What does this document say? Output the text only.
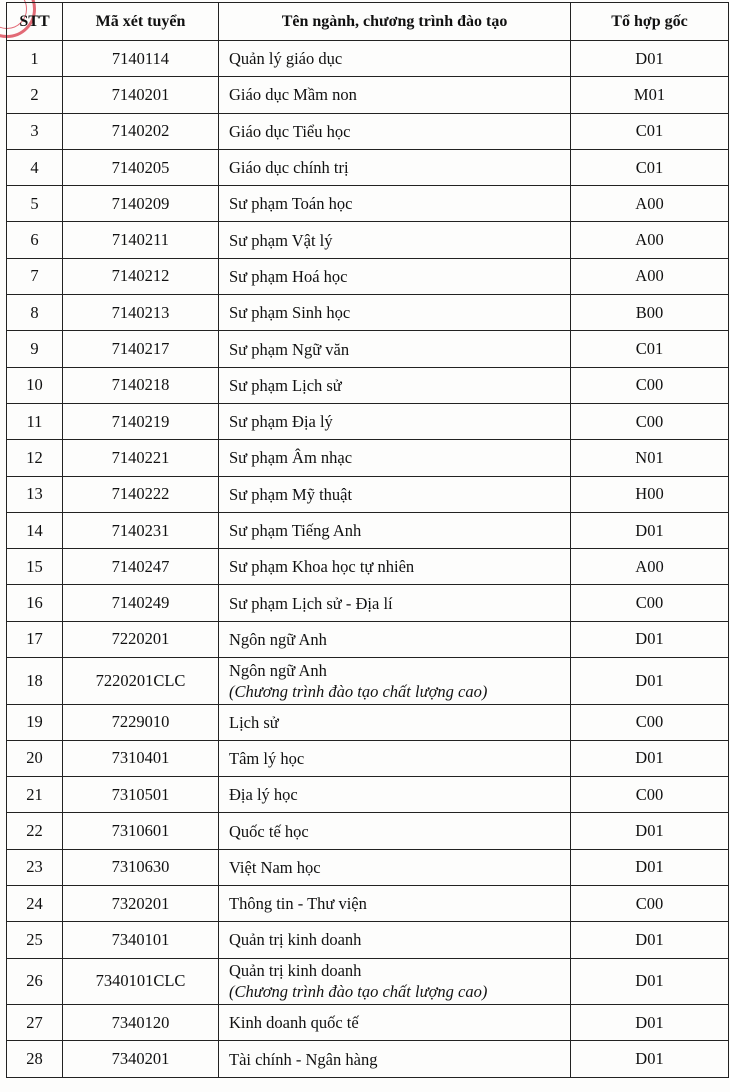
STT	Mã xét tuyển	Tên ngành, chương trình đào tạo	Tổ hợp gốc
1	7140114	Quản lý giáo dục	D01
2	7140201	Giáo dục Mầm non	M01
3	7140202	Giáo dục Tiểu học	C01
4	7140205	Giáo dục chính trị	C01
5	7140209	Sư phạm Toán học	A00
6	7140211	Sư phạm Vật lý	A00
7	7140212	Sư phạm Hoá học	A00
8	7140213	Sư phạm Sinh học	B00
9	7140217	Sư phạm Ngữ văn	C01
10	7140218	Sư phạm Lịch sử	C00
11	7140219	Sư phạm Địa lý	C00
12	7140221	Sư phạm Âm nhạc	N01
13	7140222	Sư phạm Mỹ thuật	H00
14	7140231	Sư phạm Tiếng Anh	D01
15	7140247	Sư phạm Khoa học tự nhiên	A00
16	7140249	Sư phạm Lịch sử - Địa lí	C00
17	7220201	Ngôn ngữ Anh	D01
18	7220201CLC	Ngôn ngữ Anh
(Chương trình đào tạo chất lượng cao)	D01
19	7229010	Lịch sử	C00
20	7310401	Tâm lý học	D01
21	7310501	Địa lý học	C00
22	7310601	Quốc tế học	D01
23	7310630	Việt Nam học	D01
24	7320201	Thông tin - Thư viện	C00
25	7340101	Quản trị kinh doanh	D01
26	7340101CLC	Quản trị kinh doanh
(Chương trình đào tạo chất lượng cao)	D01
27	7340120	Kinh doanh quốc tế	D01
28	7340201	Tài chính - Ngân hàng	D01
